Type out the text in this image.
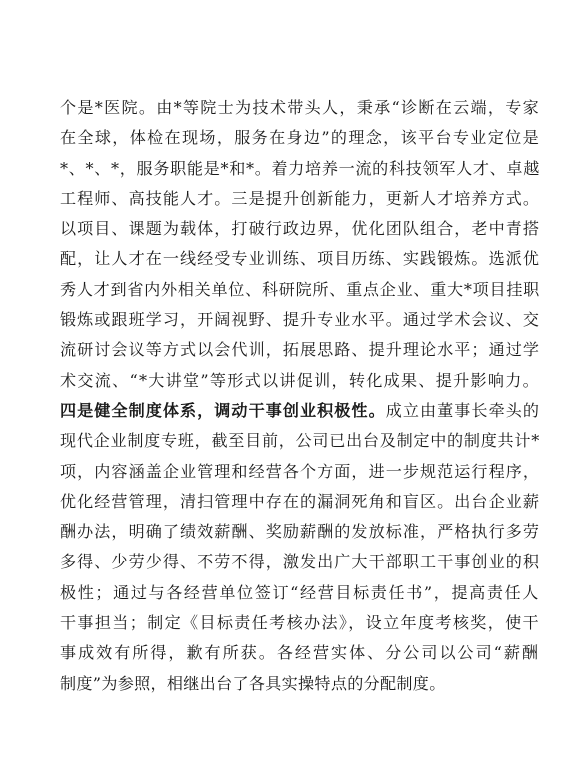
个是*医院。由*等院士为技术带头人，秉承“诊断在云端，专家
在全球，体检在现场，服务在身边”的理念，该平台专业定位是
*、*、*，服务职能是*和*。着力培养一流的科技领军人才、卓越
工程师、高技能人才。三是提升创新能力，更新人才培养方式。
以项目、课题为载体，打破行政边界，优化团队组合，老中青搭
配，让人才在一线经受专业训练、项目历练、实践锻炼。选派优
秀人才到省内外相关单位、科研院所、重点企业、重大*项目挂职
锻炼或跟班学习，开阔视野、提升专业水平。通过学术会议、交
流研讨会议等方式以会代训，拓展思路、提升理论水平；通过学
术交流、“*大讲堂”等形式以讲促训，转化成果、提升影响力。
四是健全制度体系，调动干事创业积极性。成立由董事长牵头的
现代企业制度专班，截至目前，公司已出台及制定中的制度共计*
项，内容涵盖企业管理和经营各个方面，进一步规范运行程序，
优化经营管理，清扫管理中存在的漏洞死角和盲区。出台企业薪
酬办法，明确了绩效薪酬、奖励薪酬的发放标准，严格执行多劳
多得、少劳少得、不劳不得，激发出广大干部职工干事创业的积
极性；通过与各经营单位签订“经营目标责任书”，提高责任人
干事担当；制定《目标责任考核办法》，设立年度考核奖，使干
事成效有所得，歉有所获。各经营实体、分公司以公司“薪酬
制度”为参照，相继出台了各具实操特点的分配制度。
